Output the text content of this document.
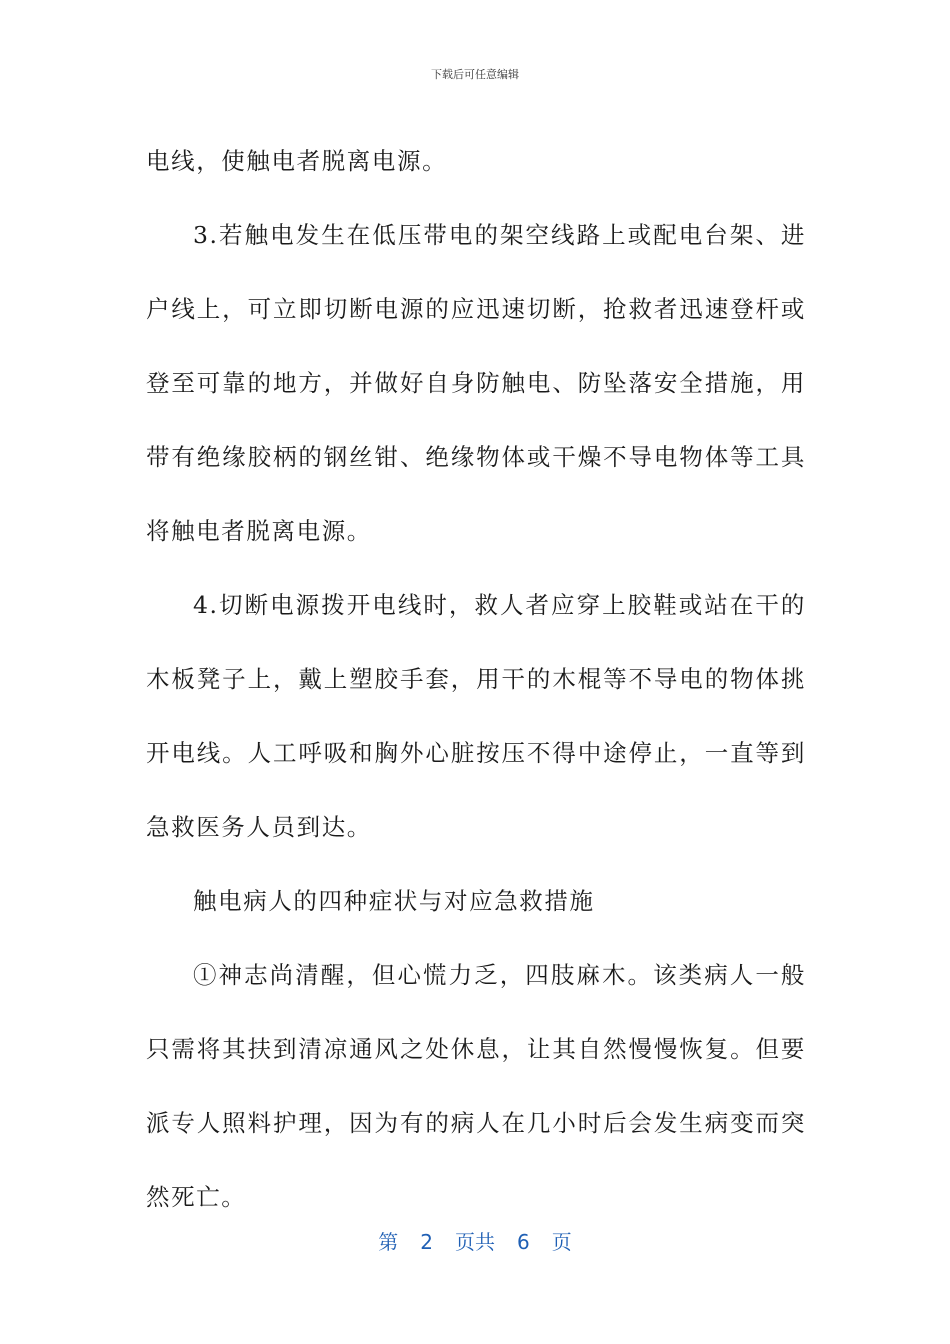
下载后可任意编辑

电线，使触电者脱离电源。

3.若触电发生在低压带电的架空线路上或配电台架、进户线上，可立即切断电源的应迅速切断，抢救者迅速登杆或登至可靠的地方，并做好自身防触电、防坠落安全措施，用带有绝缘胶柄的钢丝钳、绝缘物体或干燥不导电物体等工具将触电者脱离电源。

4.切断电源拨开电线时，救人者应穿上胶鞋或站在干的木板凳子上，戴上塑胶手套，用干的木棍等不导电的物体挑开电线。人工呼吸和胸外心脏按压不得中途停止，一直等到急救医务人员到达。

触电病人的四种症状与对应急救措施

①神志尚清醒，但心慌力乏，四肢麻木。该类病人一般只需将其扶到清凉通风之处休息，让其自然慢慢恢复。但要派专人照料护理，因为有的病人在几小时后会发生病变而突然死亡。

第 2 页共 6 页
